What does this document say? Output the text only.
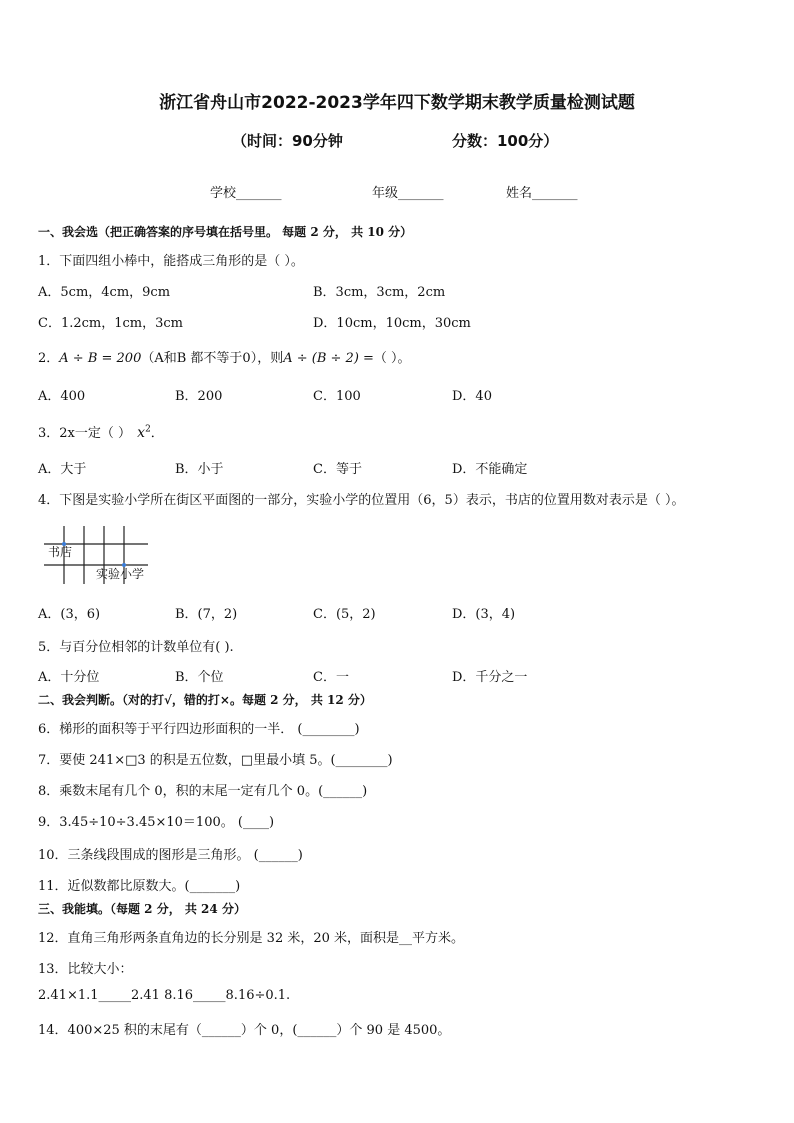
浙江省舟山市2022-2023学年四下数学期末教学质量检测试题
（时间：90分钟	分数：100分）
学校_______	年级_______	姓名_______
一、我会选（把正确答案的序号填在括号里。 每题 2 分， 共 10 分）
1．下面四组小棒中，能搭成三角形的是（ ）。
A．5cm，4cm，9cm	B．3cm，3cm，2cm
C．1.2cm，1cm，3cm	D．10cm，10cm，30cm
2．A ÷ B = 200（A和B 都不等于0），则A ÷ (B ÷ 2) =（ ）。
A．400	B．200	C．100	D．40
3．2x一定（ ） $x^2$．
A．大于	B．小于	C．等于	D．不能确定
4．下图是实验小学所在街区平面图的一部分，实验小学的位置用（6，5）表示，书店的位置用数对表示是（ ）。
书店
实验小学
A．(3，6)	B．(7，2)	C．(5，2)	D．(3，4)
5．与百分位相邻的计数单位有( ).
A．十分位	B．个位	C．一	D．千分之一
二、我会判断。（对的打√，错的打×。每题 2 分， 共 12 分）
6．梯形的面积等于平行四边形面积的一半． (________)
7．要使 241×□3 的积是五位数，□里最小填 5。(________)
8．乘数末尾有几个 0，积的末尾一定有几个 0。(______)
9．3.45÷10÷3.45×10＝100。 (____)
10．三条线段围成的图形是三角形。 (______)
11．近似数都比原数大。(_______)
三、我能填。（每题 2 分， 共 24 分）
12．直角三角形两条直角边的长分别是 32 米，20 米，面积是__平方米。
13．比较大小：
2.41×1.1_____2.41 8.16_____8.16÷0.1.
14．400×25 积的末尾有（______）个 0，(______）个 90 是 4500。
